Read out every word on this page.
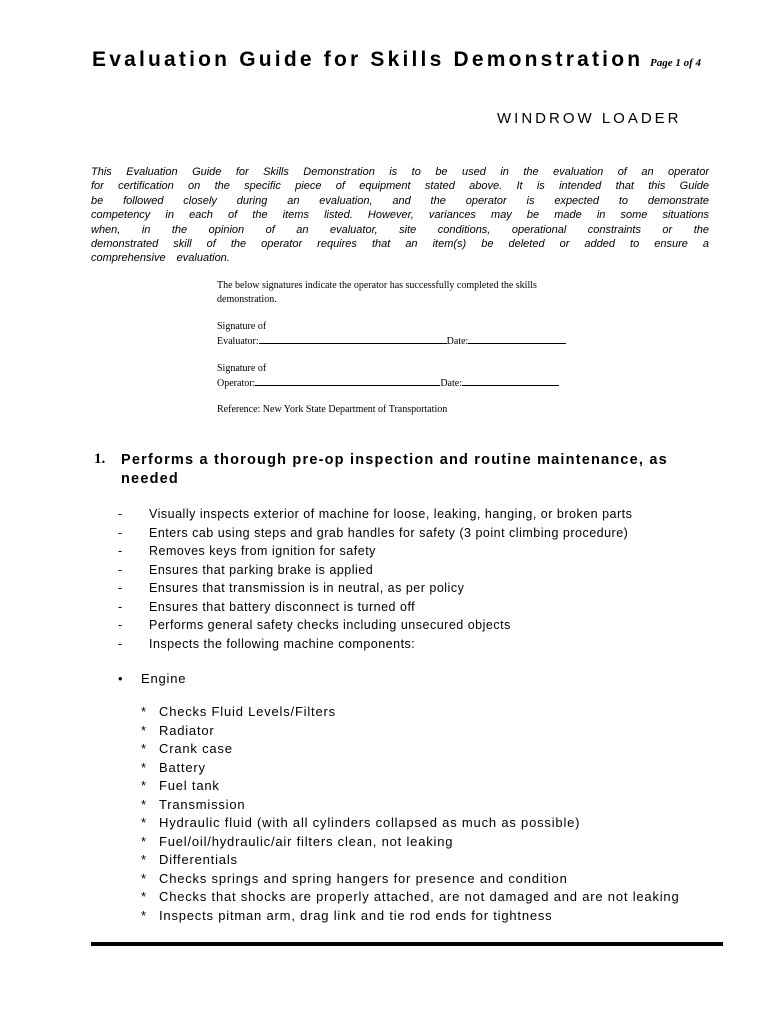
Evaluation Guide for Skills Demonstration Page 1 of 4
WINDROW LOADER
This Evaluation Guide for Skills Demonstration is to be used in the evaluation of an operator
for certification on the specific piece of equipment stated above. It is intended that this Guide
be followed closely during an evaluation, and the operator is expected to demonstrate
competency in each of the items listed. However, variances may be made in some situations
when, in the opinion of an evaluator, site conditions, operational constraints or the
demonstrated skill of the operator requires that an item(s) be deleted or added to ensure a
comprehensive evaluation.
The below signatures indicate the operator has successfully completed the skills
demonstration.
Signature of
Evaluator:	Date:
Signature of
Operator:	Date:
Reference: New York State Department of Transportation
1. Performs a thorough pre-op inspection and routine maintenance, as needed
- Visually inspects exterior of machine for loose, leaking, hanging, or broken parts
- Enters cab using steps and grab handles for safety (3 point climbing procedure)
- Removes keys from ignition for safety
- Ensures that parking brake is applied
- Ensures that transmission is in neutral, as per policy
- Ensures that battery disconnect is turned off
- Performs general safety checks including unsecured objects
- Inspects the following machine components:
• Engine
* Checks Fluid Levels/Filters
* Radiator
* Crank case
* Battery
* Fuel tank
* Transmission
* Hydraulic fluid (with all cylinders collapsed as much as possible)
* Fuel/oil/hydraulic/air filters clean, not leaking
* Differentials
* Checks springs and spring hangers for presence and condition
* Checks that shocks are properly attached, are not damaged and are not leaking
* Inspects pitman arm, drag link and tie rod ends for tightness
